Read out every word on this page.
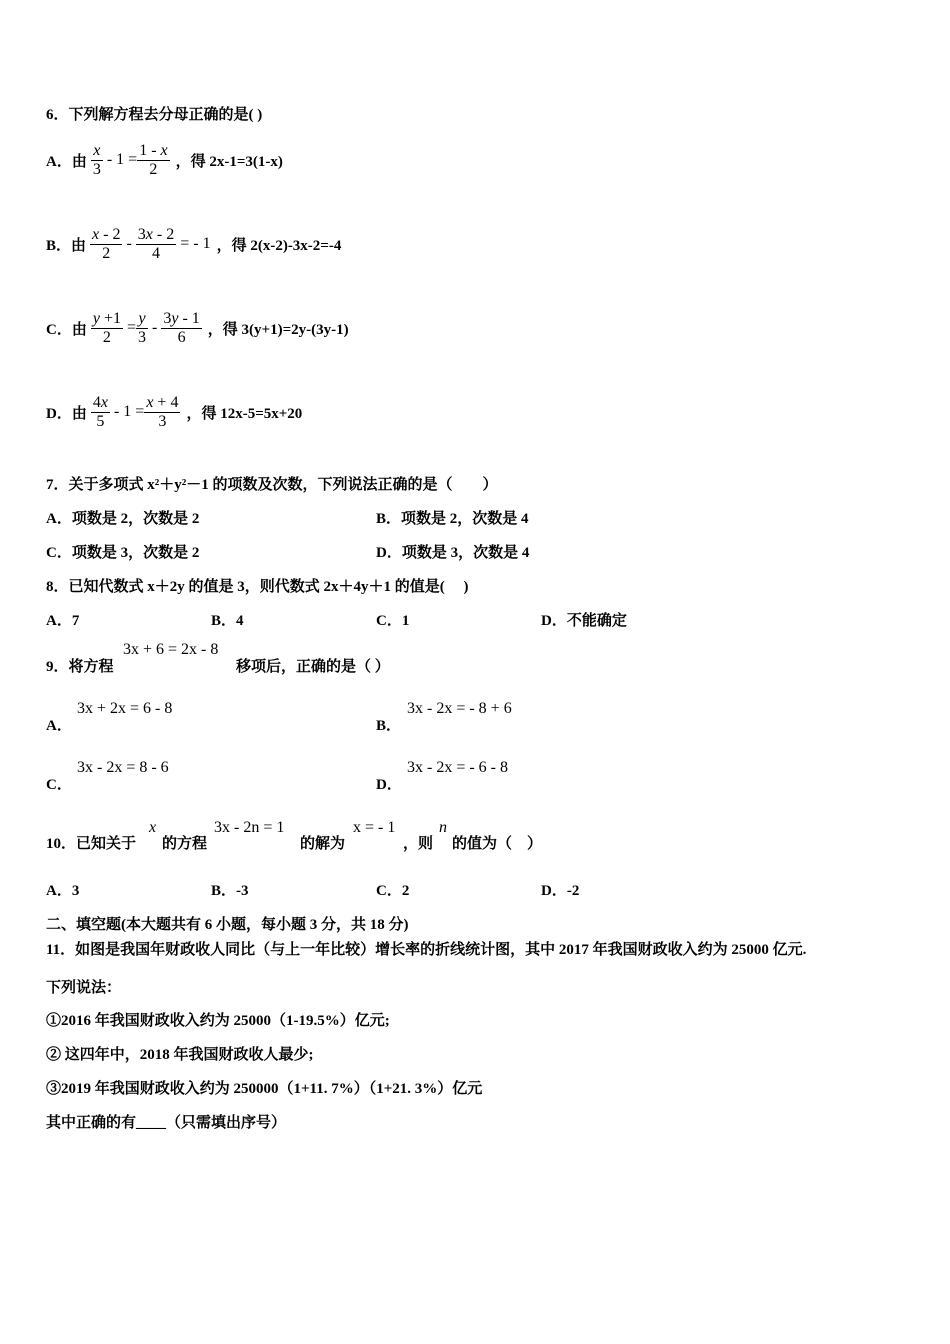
6．下列解方程去分母正确的是( )
A．由 $\frac{x}{3} - 1 = \frac{1 - x}{2}$ ，得 2x-1=3(1-x)
B．由 $\frac{x - 2}{2} - \frac{3x - 2}{4}$ = - 1 ，得 2(x-2)-3x-2=-4
C．由 $\frac{y +1}{2} = \frac{y}{3} - \frac{3y - 1}{6}$ ，得 3(y+1)=2y-(3y-1)
D．由 $\frac{4x}{5} - 1 = \frac{x + 4}{3}$ ，得 12x-5=5x+20
7．关于多项式 x²＋y²－1 的项数及次数，下列说法正确的是（　　）
A．项数是 2，次数是 2	B．项数是 2，次数是 4
C．项数是 3，次数是 2	D．项数是 3，次数是 4
8．已知代数式 x＋2y 的值是 3，则代数式 2x＋4y＋1 的值是(　 )
A．7	B．4	C．1	D．不能确定
9．将方程
3x + 6 = 2x - 8
移项后，正确的是（ ）
A．
3x + 2x = 6 - 8
B．
3x - 2x = - 8 + 6
C．
3x - 2x = 8 - 6
D．
3x - 2x = - 6 - 8
10．已知关于
x
的方程
3x - 2n = 1
的解为
x = - 1
，则
n
的值为（　）
A．3	B．-3	C．2	D．-2
二、填空题(本大题共有 6 小题，每小题 3 分，共 18 分)
11．如图是我国年财政收人同比（与上一年比较）增长率的折线统计图，其中 2017 年我国财政收入约为 25000 亿元.
下列说法：
①2016 年我国财政收入约为 25000（1-19.5%）亿元;
② 这四年中，2018 年我国财政收人最少;
③2019 年我国财政收入约为 250000（1+11. 7%）（1+21. 3%）亿元
其中正确的有____（只需填出序号）
